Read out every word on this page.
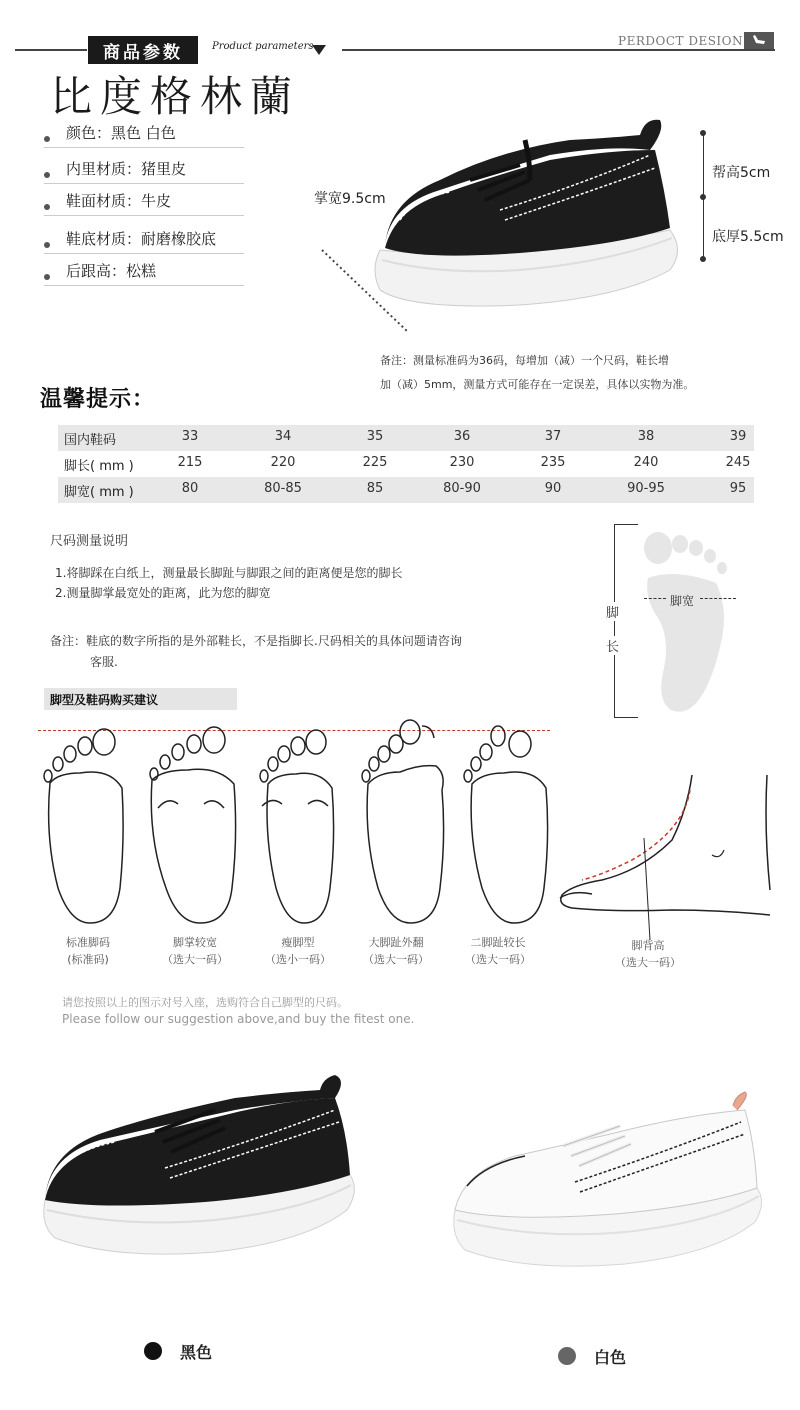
商品参数	Product parameters	PERDOCT DESION
比度格林蘭
颜色：黑色 白色
内里材质：猪里皮
鞋面材质：牛皮
鞋底材质：耐磨橡胶底
后跟高：松糕
掌宽9.5cm
帮高5cm
底厚5.5cm
备注：测量标准码为36码，每增加（减）一个尺码，鞋长增
加（减）5mm，测量方式可能存在一定误差，具体以实物为准。
温馨提示：
国内鞋码	33	34	35	36	37	38	39
脚长( mm )	215	220	225	230	235	240	245
脚宽( mm )	80	80-85	85	80-90	90	90-95	95
尺码测量说明
1.将脚踩在白纸上，测量最长脚趾与脚跟之间的距离便是您的脚长
2.测量脚掌最宽处的距离，此为您的脚宽
备注：鞋底的数字所指的是外部鞋长，不是指脚长.尺码相关的具体问题请咨询
客服.
脚宽
脚
长
脚型及鞋码购买建议
标准脚码
(标准码)
脚掌较宽
（选大一码）
瘦脚型
（选小一码）
大脚趾外翻
（选大一码）
二脚趾较长
（选大一码）
脚背高
（选大一码）
请您按照以上的图示对号入座，选购符合自己脚型的尺码。
Please follow our suggestion above,and buy the fitest one.
黑色	白色
